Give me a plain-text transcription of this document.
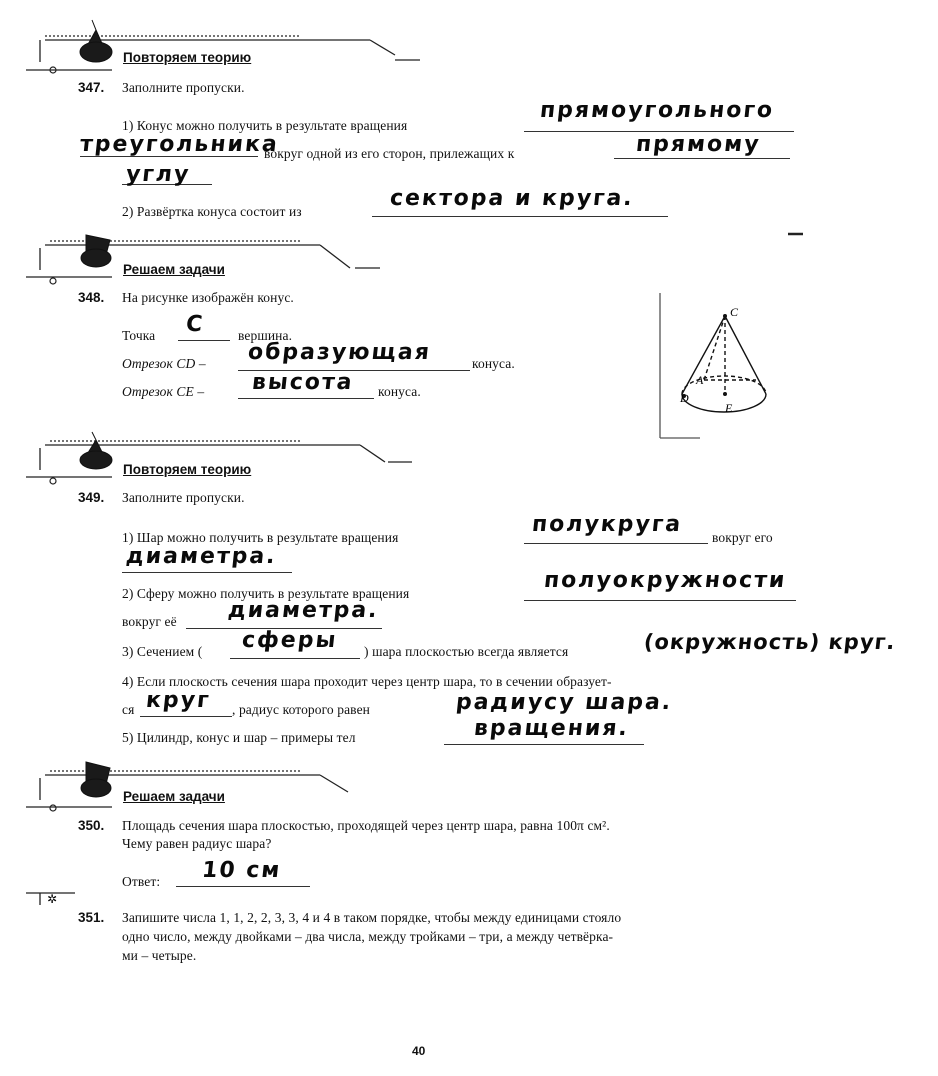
✲
Повторяем теорию
Решаем задачи
Повторяем теорию
Решаем задачи
347. Заполните пропуски.
1) Конус можно получить в результате вращения
прямоугольного
треугольника
вокруг одной из его сторон, прилежащих к	прямому
углу
2) Развёртка конуса состоит из
сектора и круга.
348. На рисунке изображён конус.
Точка C вершина.
Отрезок CD – образующая	конуса.
Отрезок CE – высота конуса.
C
A
D
E
349. Заполните пропуски.
1) Шар можно получить в результате вращения
полукруга
вокруг его
диаметра.
2) Сферу можно получить в результате вращения
полуокружности
вокруг её диаметра.
3) Сечением ( сферы ) шара плоскостью всегда является	(окружность) круг.
4) Если плоскость сечения шара проходит через центр шара, то в сечении образует-
ся круг , радиус которого равен	радиусу шара.
5) Цилиндр, конус и шар – примеры тел	вращения.
350. Площадь сечения шара плоскостью, проходящей через центр шара, равна 100π см².
Чему равен радиус шара?
Ответ: 10 см
351. Запишите числа 1, 1, 2, 2, 3, 3, 4 и 4 в таком порядке, чтобы между единицами стояло
одно число, между двойками – два числа, между тройками – три, а между четвёрка-
ми – четыре.
40
